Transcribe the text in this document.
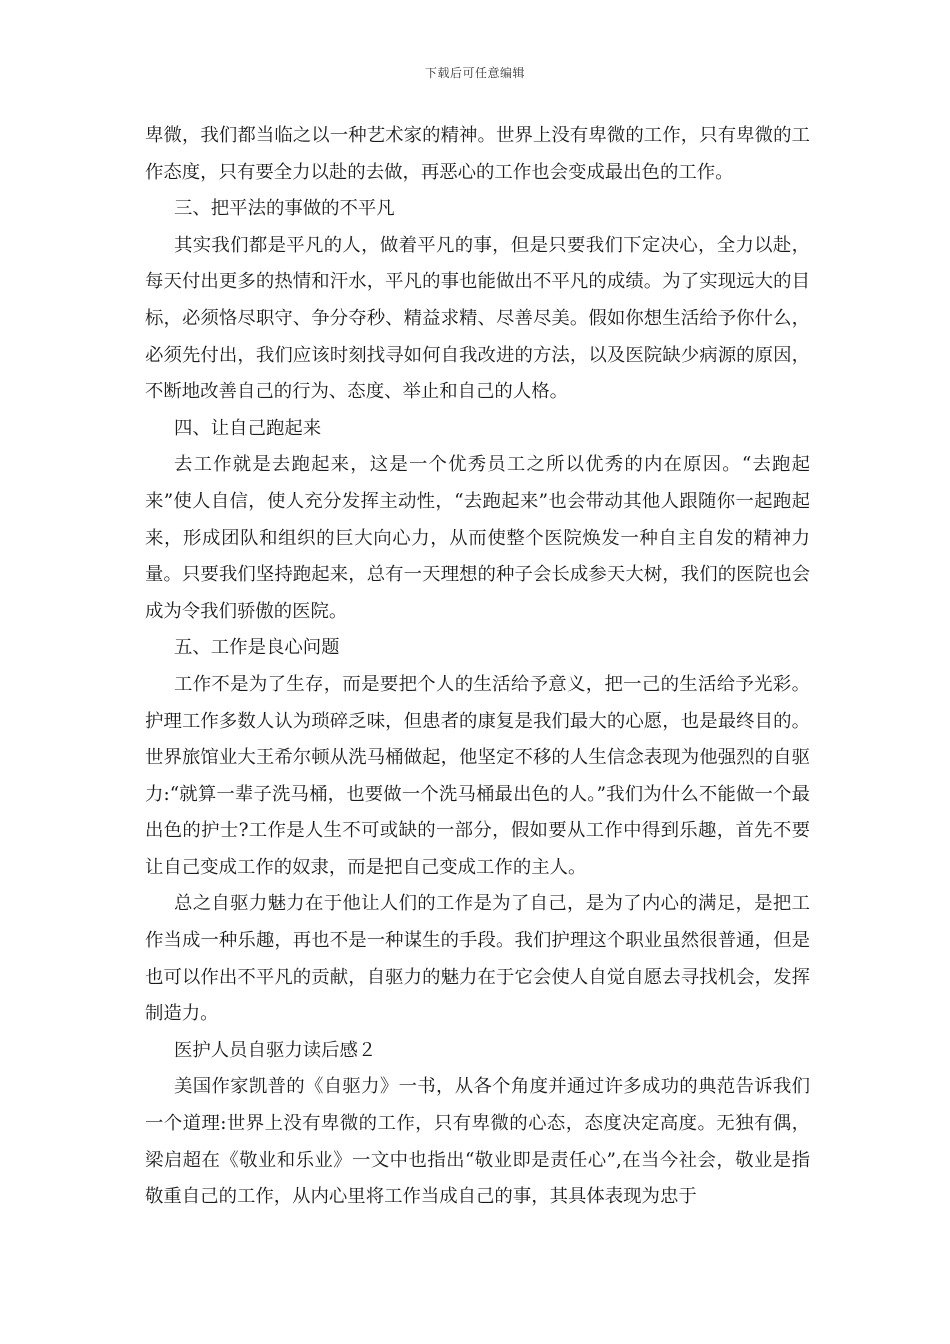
下载后可任意编辑

卑微，我们都当临之以一种艺术家的精神。世界上没有卑微的工作，只有卑微的工作态度，只有要全力以赴的去做，再恶心的工作也会变成最出色的工作。

三、把平法的事做的不平凡

其实我们都是平凡的人，做着平凡的事，但是只要我们下定决心，全力以赴，每天付出更多的热情和汗水，平凡的事也能做出不平凡的成绩。为了实现远大的目标，必须恪尽职守、争分夺秒、精益求精、尽善尽美。假如你想生活给予你什么，必须先付出，我们应该时刻找寻如何自我改进的方法，以及医院缺少病源的原因，不断地改善自己的行为、态度、举止和自己的人格。

四、让自己跑起来

去工作就是去跑起来，这是一个优秀员工之所以优秀的内在原因。“去跑起来”使人自信，使人充分发挥主动性，“去跑起来”也会带动其他人跟随你一起跑起来，形成团队和组织的巨大向心力，从而使整个医院焕发一种自主自发的精神力量。只要我们坚持跑起来，总有一天理想的种子会长成参天大树，我们的医院也会成为令我们骄傲的医院。

五、工作是良心问题

工作不是为了生存，而是要把个人的生活给予意义，把一己的生活给予光彩。护理工作多数人认为琐碎乏味，但患者的康复是我们最大的心愿，也是最终目的。世界旅馆业大王希尔顿从洗马桶做起，他坚定不移的人生信念表现为他强烈的自驱力:“就算一辈子洗马桶，也要做一个洗马桶最出色的人。”我们为什么不能做一个最出色的护士?工作是人生不可或缺的一部分，假如要从工作中得到乐趣，首先不要让自己变成工作的奴隶，而是把自己变成工作的主人。

总之自驱力魅力在于他让人们的工作是为了自己，是为了内心的满足，是把工作当成一种乐趣，再也不是一种谋生的手段。我们护理这个职业虽然很普通，但是也可以作出不平凡的贡献，自驱力的魅力在于它会使人自觉自愿去寻找机会，发挥制造力。

医护人员自驱力读后感２

美国作家凯普的《自驱力》一书，从各个角度并通过许多成功的典范告诉我们一个道理:世界上没有卑微的工作，只有卑微的心态，态度决定高度。无独有偶，梁启超在《敬业和乐业》一文中也指出“敬业即是责任心”,在当今社会，敬业是指敬重自己的工作，从内心里将工作当成自己的事，其具体表现为忠于
